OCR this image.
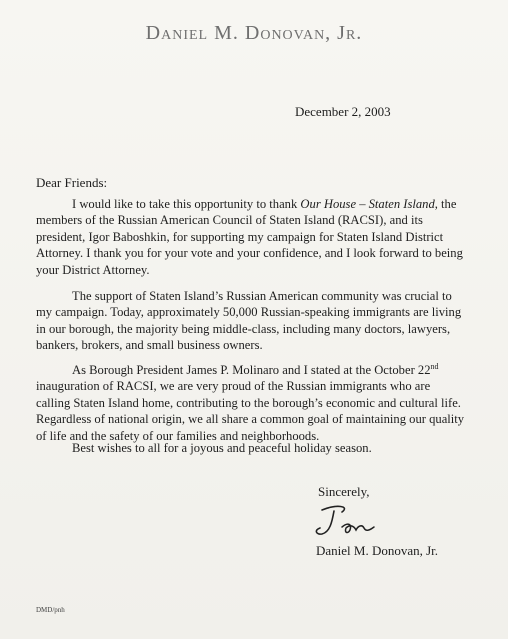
Daniel M. Donovan, Jr.
December 2, 2003
Dear Friends:
I would like to take this opportunity to thank Our House – Staten Island, the members of the Russian American Council of Staten Island (RACSI), and its president, Igor Baboshkin, for supporting my campaign for Staten Island District Attorney. I thank you for your vote and your confidence, and I look forward to being your District Attorney.
The support of Staten Island’s Russian American community was crucial to my campaign. Today, approximately 50,000 Russian-speaking immigrants are living in our borough, the majority being middle-class, including many doctors, lawyers, bankers, brokers, and small business owners.
As Borough President James P. Molinaro and I stated at the October 22nd inauguration of RACSI, we are very proud of the Russian immigrants who are calling Staten Island home, contributing to the borough’s economic and cultural life. Regardless of national origin, we all share a common goal of maintaining our quality of life and the safety of our families and neighborhoods.
Best wishes to all for a joyous and peaceful holiday season.
Sincerely,
Daniel M. Donovan, Jr.
DMD/pnh
